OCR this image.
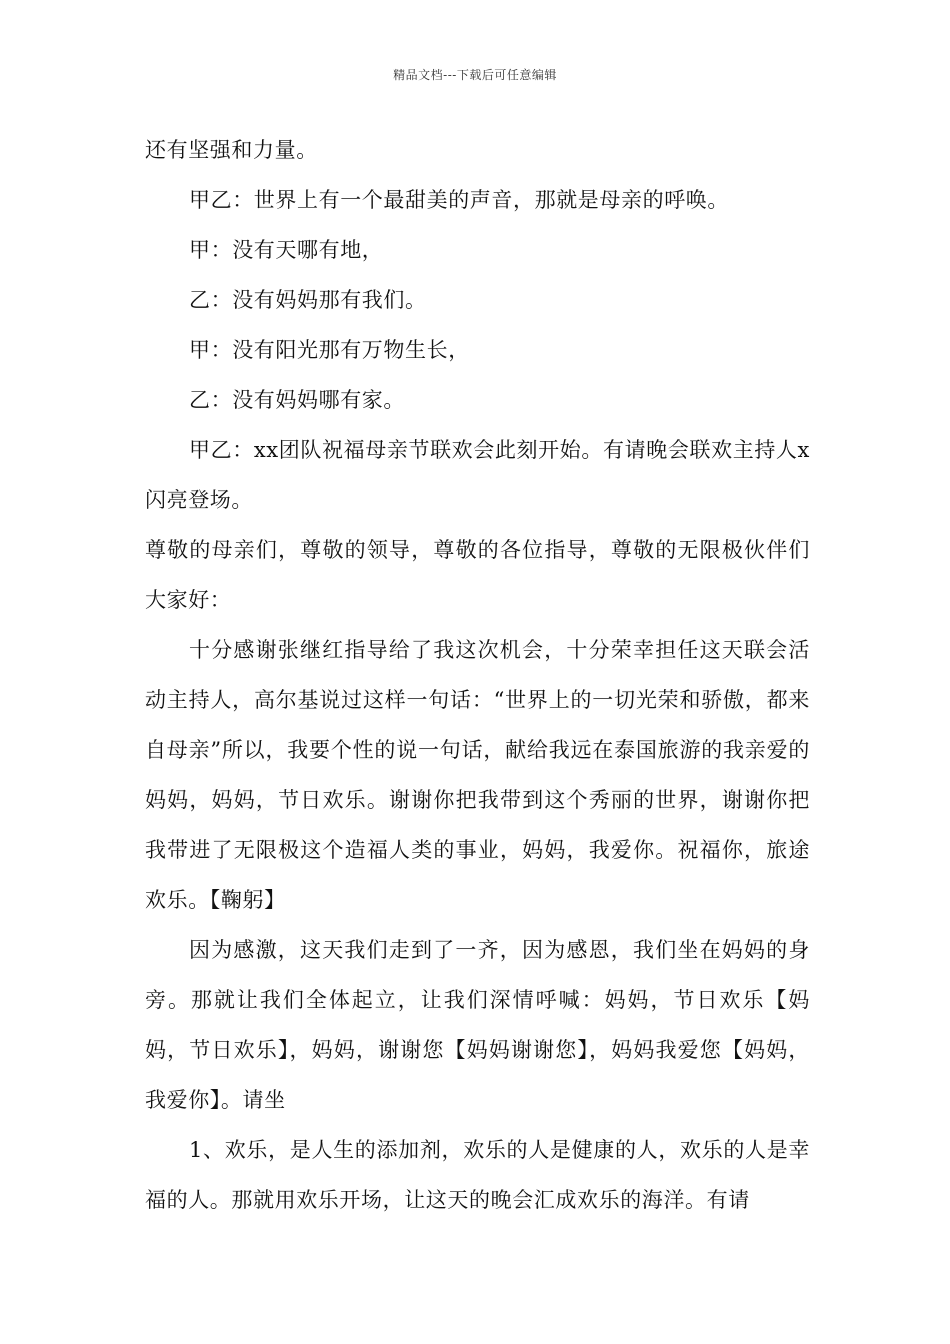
精品文档---下载后可任意编辑

还有坚强和力量。

甲乙：世界上有一个最甜美的声音，那就是母亲的呼唤。

甲：没有天哪有地，

乙：没有妈妈那有我们。

甲：没有阳光那有万物生长，

乙：没有妈妈哪有家。

甲乙：xx团队祝福母亲节联欢会此刻开始。有请晚会联欢主持人x闪亮登场。

尊敬的母亲们，尊敬的领导，尊敬的各位指导，尊敬的无限极伙伴们大家好：

十分感谢张继红指导给了我这次机会，十分荣幸担任这天联会活动主持人，高尔基说过这样一句话：“世界上的一切光荣和骄傲，都来自母亲”所以，我要个性的说一句话，献给我远在泰国旅游的我亲爱的妈妈，妈妈，节日欢乐。谢谢你把我带到这个秀丽的世界，谢谢你把我带进了无限极这个造福人类的事业，妈妈，我爱你。祝福你，旅途欢乐。【鞠躬】

因为感激，这天我们走到了一齐，因为感恩，我们坐在妈妈的身旁。那就让我们全体起立，让我们深情呼喊：妈妈，节日欢乐【妈妈，节日欢乐】，妈妈，谢谢您【妈妈谢谢您】，妈妈我爱您【妈妈，我爱你】。请坐

1、欢乐，是人生的添加剂，欢乐的人是健康的人，欢乐的人是幸福的人。那就用欢乐开场，让这天的晚会汇成欢乐的海洋。有请
